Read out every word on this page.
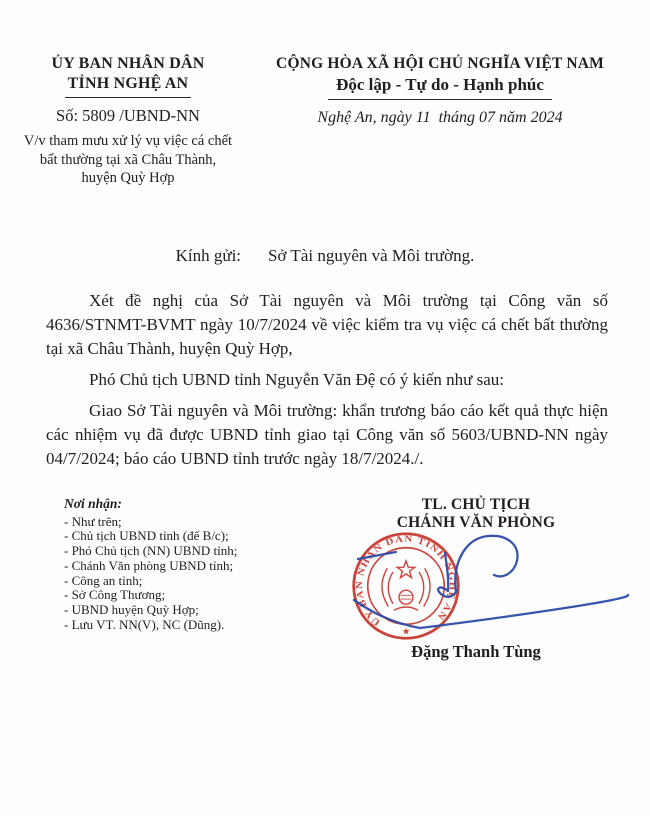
ỦY BAN NHÂN DÂN
TỈNH NGHỆ AN
Số: 5809 /UBND-NN
V/v tham mưu xử lý vụ việc cá chết bất thường tại xã Châu Thành, huyện Quỳ Hợp
CỘNG HÒA XÃ HỘI CHỦ NGHĨA VIỆT NAM
Độc lập - Tự do - Hạnh phúc
Nghệ An, ngày 11  tháng 07 năm 2024
Kính gửi: Sở Tài nguyên và Môi trường.

Xét đề nghị của Sở Tài nguyên và Môi trường tại Công văn số 4636/STNMT-BVMT ngày 10/7/2024 về việc kiểm tra vụ việc cá chết bất thường tại xã Châu Thành, huyện Quỳ Hợp,

Phó Chủ tịch UBND tỉnh Nguyễn Văn Đệ có ý kiến như sau:

Giao Sở Tài nguyên và Môi trường: khẩn trương báo cáo kết quả thực hiện các nhiệm vụ đã được UBND tỉnh giao tại Công văn số 5603/UBND-NN ngày 04/7/2024; báo cáo UBND tỉnh trước ngày 18/7/2024./.

Nơi nhận:
- Như trên;
- Chủ tịch UBND tỉnh (để B/c);
- Phó Chủ tịch (NN) UBND tỉnh;
- Chánh Văn phòng UBND tỉnh;
- Công an tỉnh;
- Sở Công Thương;
- UBND huyện Quỳ Hợp;
- Lưu VT. NN(V), NC (Dũng).
TL. CHỦ TỊCH
CHÁNH VĂN PHÒNG
ỦY BAN NHÂN DÂN TỈNH NGHỆ AN
★
Đặng Thanh Tùng
